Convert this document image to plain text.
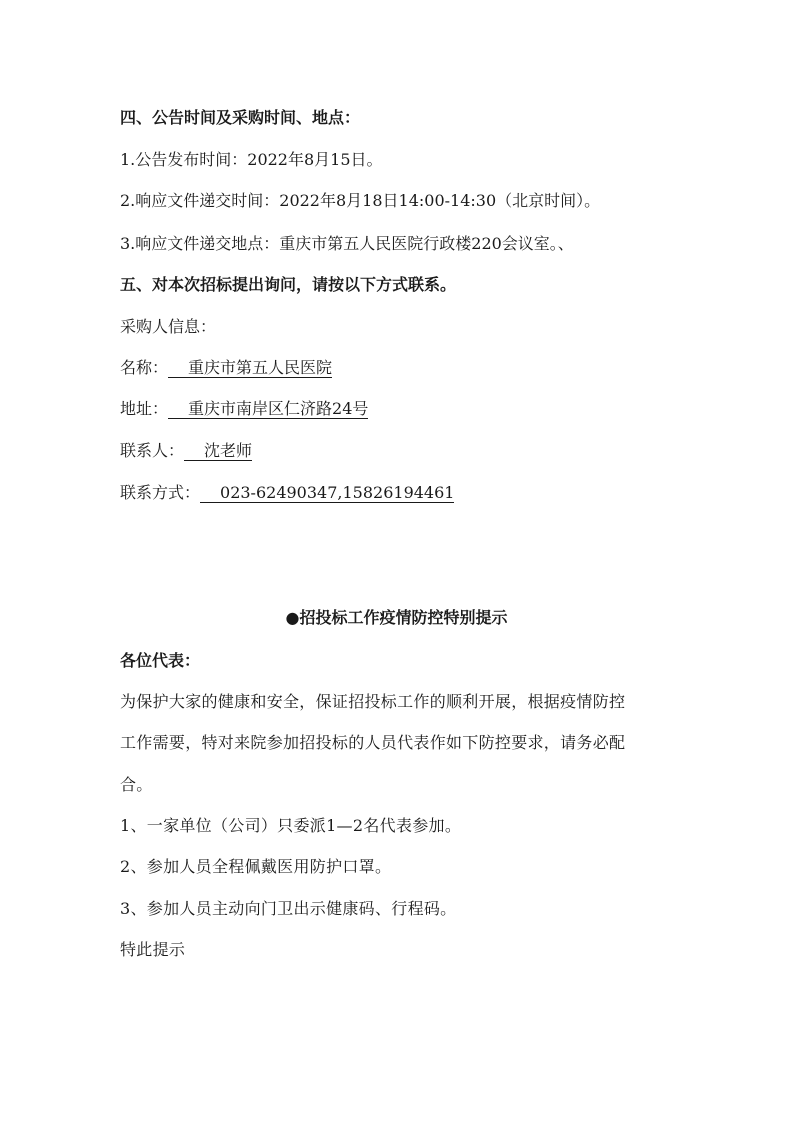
四、公告时间及采购时间、地点：
1.公告发布时间：2022年8月15日。
2.响应文件递交时间：2022年8月18日14:00-14:30（北京时间）。
3.响应文件递交地点：重庆市第五人民医院行政楼220会议室。、
五、对本次招标提出询问，请按以下方式联系。
采购人信息：
名称： 重庆市第五人民医院
地址： 重庆市南岸区仁济路24号
联系人： 沈老师
联系方式： 023-62490347,15826194461
●招投标工作疫情防控特别提示
各位代表：
为保护大家的健康和安全，保证招投标工作的顺利开展，根据疫情防控
工作需要，特对来院参加招投标的人员代表作如下防控要求，请务必配
合。
1、一家单位（公司）只委派1—2名代表参加。
2、参加人员全程佩戴医用防护口罩。
3、参加人员主动向门卫出示健康码、行程码。
特此提示
